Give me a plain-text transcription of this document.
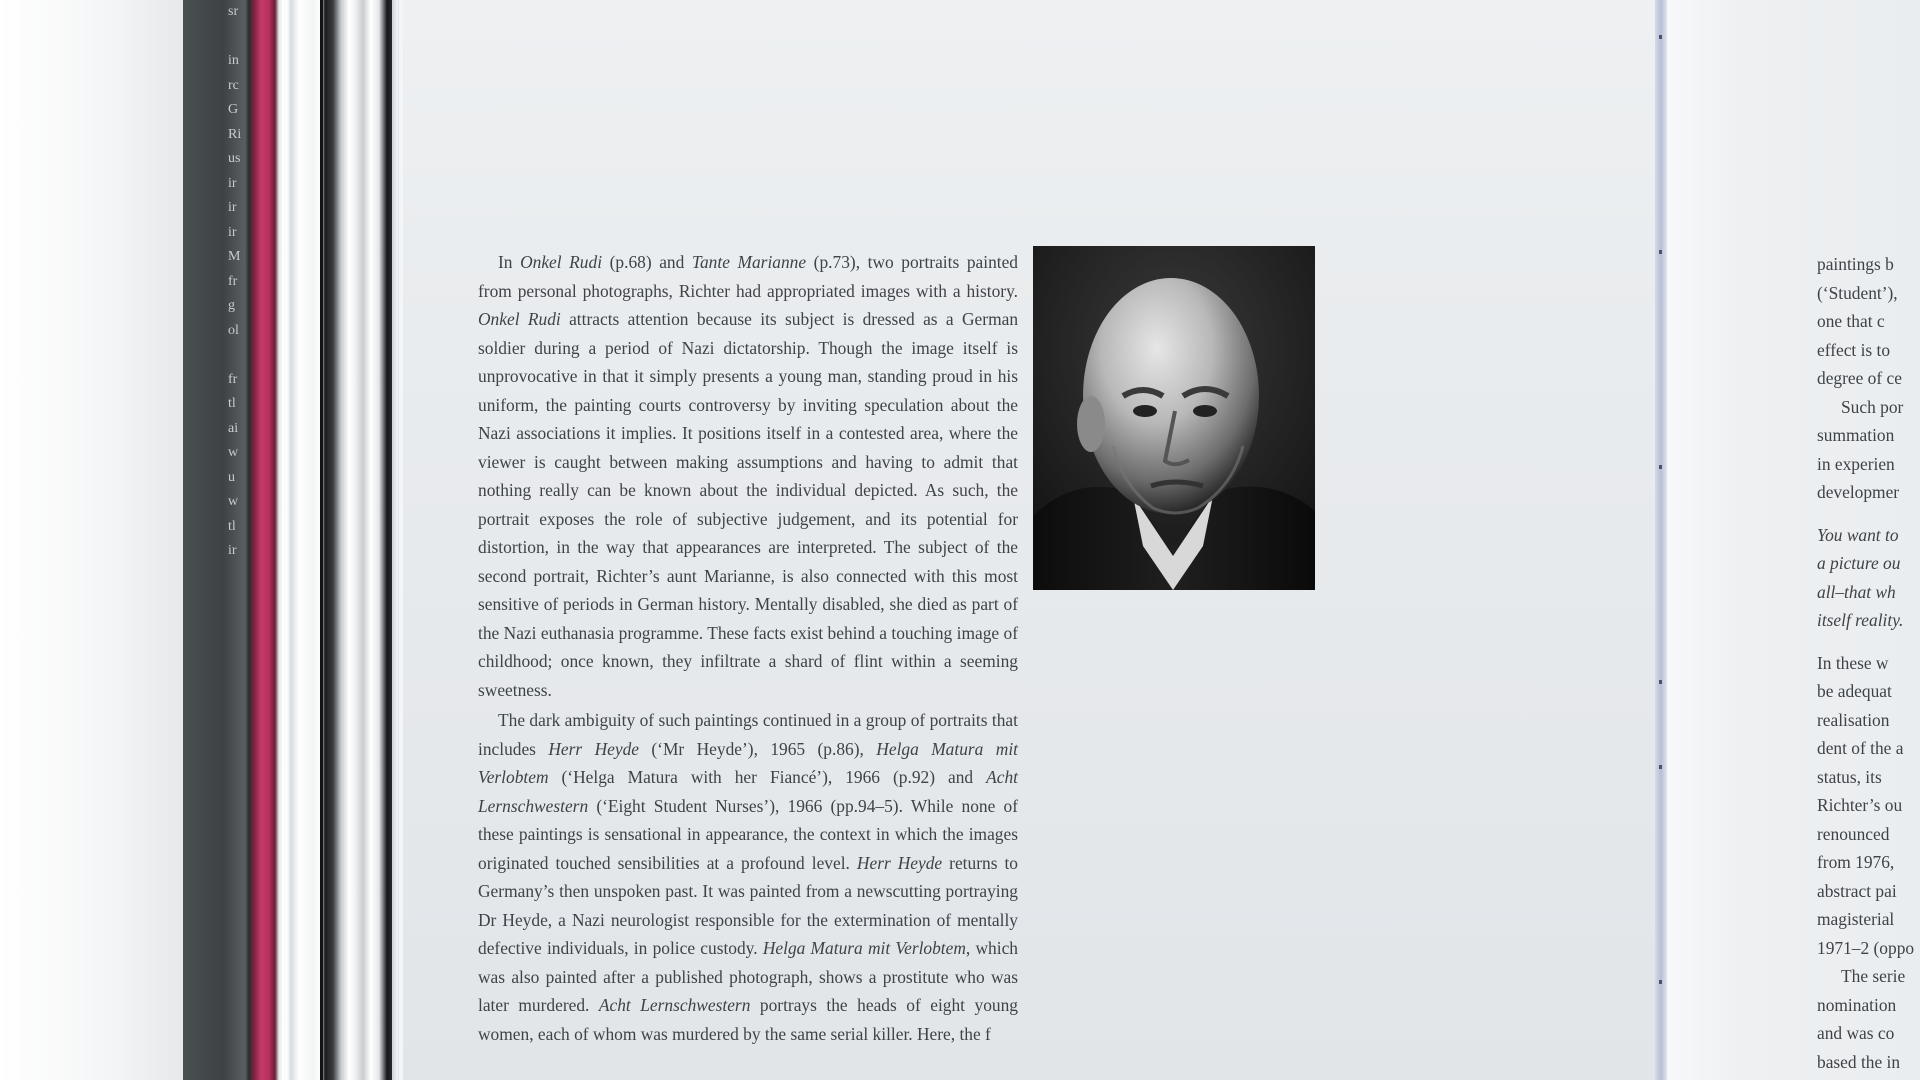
sr
in
rc
G
Ri
us
ir
ir
ir
M
fr
g
ol
fr
tl
ai
w
u
w
tl
ir

In Onkel Rudi (p.68) and Tante Marianne (p.73), two portraits painted from personal photographs, Richter had appropriated images with a history. Onkel Rudi attracts attention because its subject is dressed as a German soldier during a period of Nazi dictatorship. Though the image itself is unprovocative in that it simply presents a young man, standing proud in his uniform, the painting courts controversy by inviting speculation about the Nazi associations it implies. It positions itself in a contested area, where the viewer is caught between making assumptions and having to admit that nothing really can be known about the individual depicted. As such, the portrait exposes the role of subjective judgement, and its potential for distortion, in the way that appearances are interpreted. The subject of the second portrait, Richter’s aunt Marianne, is also connected with this most sensitive of periods in German history. Mentally disabled, she died as part of the Nazi euthanasia programme. These facts exist behind a touching image of childhood; once known, they infiltrate a shard of flint within a seeming sweetness.

The dark ambiguity of such paintings continued in a group of portraits that includes Herr Heyde (‘Mr Heyde’), 1965 (p.86), Helga Matura mit Verlobtem (‘Helga Matura with her Fiancé’), 1966 (p.92) and Acht Lernschwestern (‘Eight Student Nurses’), 1966 (pp.94–5). While none of these paintings is sensational in appearance, the context in which the images originated touched sensibilities at a profound level. Herr Heyde returns to Germany’s then unspoken past. It was painted from a newscutting portraying Dr Heyde, a Nazi neurologist responsible for the extermination of mentally defective individuals, in police custody. Helga Matura mit Verlobtem, which was also painted after a published photograph, shows a prostitute who was later murdered. Acht Lernschwestern portrays the heads of eight young women, each of whom was murdered by the same serial killer. Here, the f

paintings b
(‘Student’),
one that c
effect is to
degree of ce
Such por
summation
in experien
developmer
You want to
a picture ou
all–that wh
itself reality.
In these w
be adequat
realisation
dent of the a
status, its
Richter’s ou
renounced
from 1976,
abstract pai
magisterial
1971–2 (oppo
The serie
nomination
and was co
based the in
